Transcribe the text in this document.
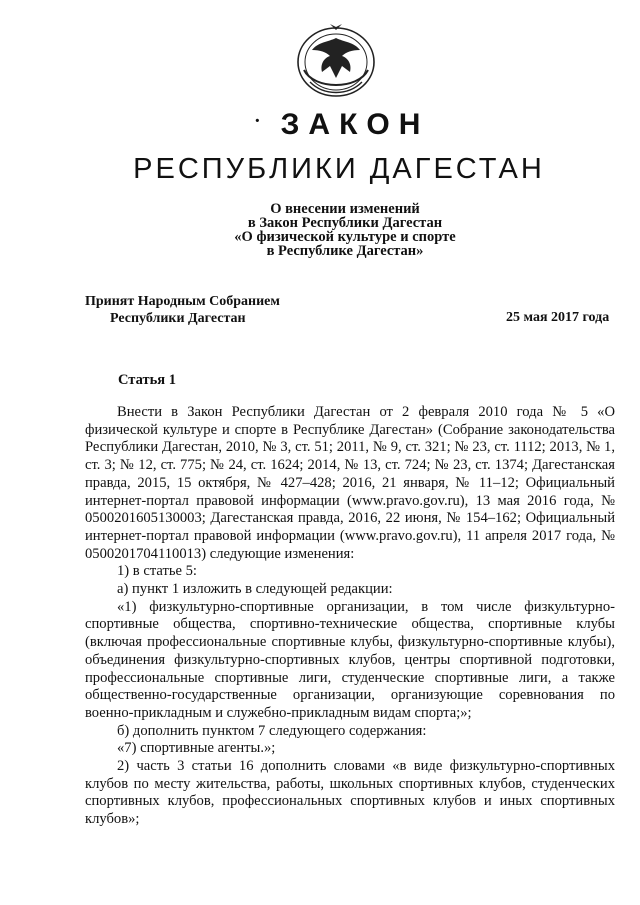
· ЗАКОН
РЕСПУБЛИКИ ДАГЕСТАН
О внесении изменений
в Закон Республики Дагестан
«О физической культуре и спорте
в Республике Дагестан»
Принят Народным Собранием
Республики Дагестан	25 мая 2017 года
Статья 1

Внести в Закон Республики Дагестан от 2 февраля 2010 года № 5 «О физической культуре и спорте в Республике Дагестан» (Собрание законодательства Республики Дагестан, 2010, № 3, ст. 51; 2011, № 9, ст. 321; № 23, ст. 1112; 2013, № 1, ст. 3; № 12, ст. 775; № 24, ст. 1624; 2014, № 13, ст. 724; № 23, ст. 1374; Дагестанская правда, 2015, 15 октября, № 427–428; 2016, 21 января, № 11–12; Официальный интернет-портал правовой информации (www.pravo.gov.ru), 13 мая 2016 года, № 0500201605130003; Дагестанская правда, 2016, 22 июня, № 154–162; Официальный интернет-портал правовой информации (www.pravo.gov.ru), 11 апреля 2017 года, № 0500201704110013) следующие изменения:

1) в статье 5:

а) пункт 1 изложить в следующей редакции:

«1) физкультурно-спортивные организации, в том числе физкультурно-спортивные общества, спортивно-технические общества, спортивные клубы (включая профессиональные спортивные клубы, физкультурно-спортивные клубы), объединения физкультурно-спортивных клубов, центры спортивной подготовки, профессиональные спортивные лиги, студенческие спортивные лиги, а также общественно-государственные организации, организующие соревнования по военно-прикладным и служебно-прикладным видам спорта;»;

б) дополнить пунктом 7 следующего содержания:

«7) спортивные агенты.»;

2) часть 3 статьи 16 дополнить словами «в виде физкультурно-спортивных клубов по месту жительства, работы, школьных спортивных клубов, студенческих спортивных клубов, профессиональных спортивных клубов и иных спортивных клубов»;
